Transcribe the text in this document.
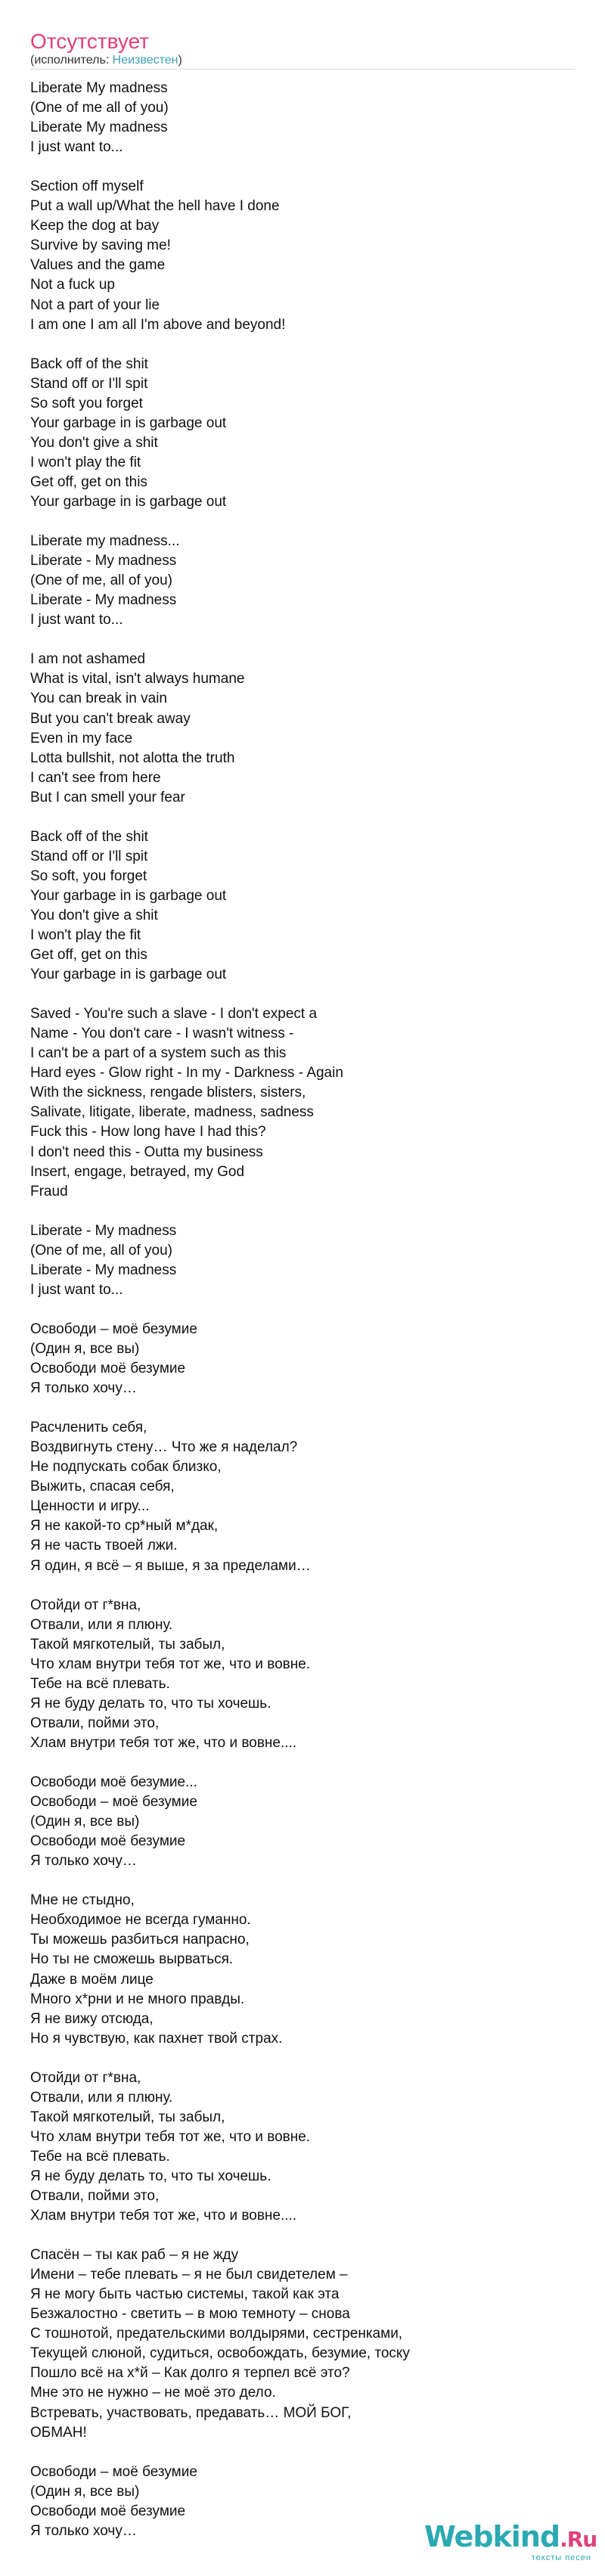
Отсутствует
(исполнитель: Неизвестен)
Liberate My madness
(One of me all of you)
Liberate My madness
I just want to...
Section off myself
Put a wall up/What the hell have I done
Keep the dog at bay
Survive by saving me!
Values and the game
Not a fuck up
Not a part of your lie
I am one I am all I'm above and beyond!
Back off of the shit
Stand off or I'll spit
So soft you forget
Your garbage in is garbage out
You don't give a shit
I won't play the fit
Get off, get on this
Your garbage in is garbage out
Liberate my madness...
Liberate - My madness
(One of me, all of you)
Liberate - My madness
I just want to...
I am not ashamed
What is vital, isn't always humane
You can break in vain
But you can't break away
Even in my face
Lotta bullshit, not alotta the truth
I can't see from here
But I can smell your fear
Back off of the shit
Stand off or I'll spit
So soft, you forget
Your garbage in is garbage out
You don't give a shit
I won't play the fit
Get off, get on this
Your garbage in is garbage out
Saved - You're such a slave - I don't expect a
Name - You don't care - I wasn't witness -
I can't be a part of a system such as this
Hard eyes - Glow right - In my - Darkness - Again
With the sickness, rengade blisters, sisters,
Salivate, litigate, liberate, madness, sadness
Fuck this - How long have I had this?
I don't need this - Outta my business
Insert, engage, betrayed, my God
Fraud
Liberate - My madness
(One of me, all of you)
Liberate - My madness
I just want to...
Освободи – моё безумие
(Один я, все вы)
Освободи моё безумие
Я только хочу…
Расчленить себя,
Воздвигнуть стену… Что же я наделал?
Не подпускать собак близко,
Выжить, спасая себя,
Ценности и игру...
Я не какой-то ср*ный м*дак,
Я не часть твоей лжи.
Я один, я всё – я выше, я за пределами…
Отойди от г*вна,
Отвали, или я плюну.
Такой мягкотелый, ты забыл,
Что хлам внутри тебя тот же, что и вовне.
Тебе на всё плевать.
Я не буду делать то, что ты хочешь.
Отвали, пойми это,
Хлам внутри тебя тот же, что и вовне....
Освободи моё безумие...
Освободи – моё безумие
(Один я, все вы)
Освободи моё безумие
Я только хочу…
Мне не стыдно,
Необходимое не всегда гуманно.
Ты можешь разбиться напрасно,
Но ты не сможешь вырваться.
Даже в моём лице
Много х*рни и не много правды.
Я не вижу отсюда,
Но я чувствую, как пахнет твой страх.
Отойди от г*вна,
Отвали, или я плюну.
Такой мягкотелый, ты забыл,
Что хлам внутри тебя тот же, что и вовне.
Тебе на всё плевать.
Я не буду делать то, что ты хочешь.
Отвали, пойми это,
Хлам внутри тебя тот же, что и вовне....
Спасён – ты как раб – я не жду
Имени – тебе плевать – я не был свидетелем –
Я не могу быть частью системы, такой как эта
Безжалостно - светить – в мою темноту – снова
С тошнотой, предательскими волдырями, сестренками,
Текущей слюной, судиться, освобождать, безумие, тоску
Пошло всё на х*й – Как долго я терпел всё это?
Мне это не нужно – не моё это дело.
Встревать, участвовать, предавать… МОЙ БОГ,
ОБМАН!
Освободи – моё безумие
(Один я, все вы)
Освободи моё безумие
Я только хочу…	Webkind.Ru
тексты песен
